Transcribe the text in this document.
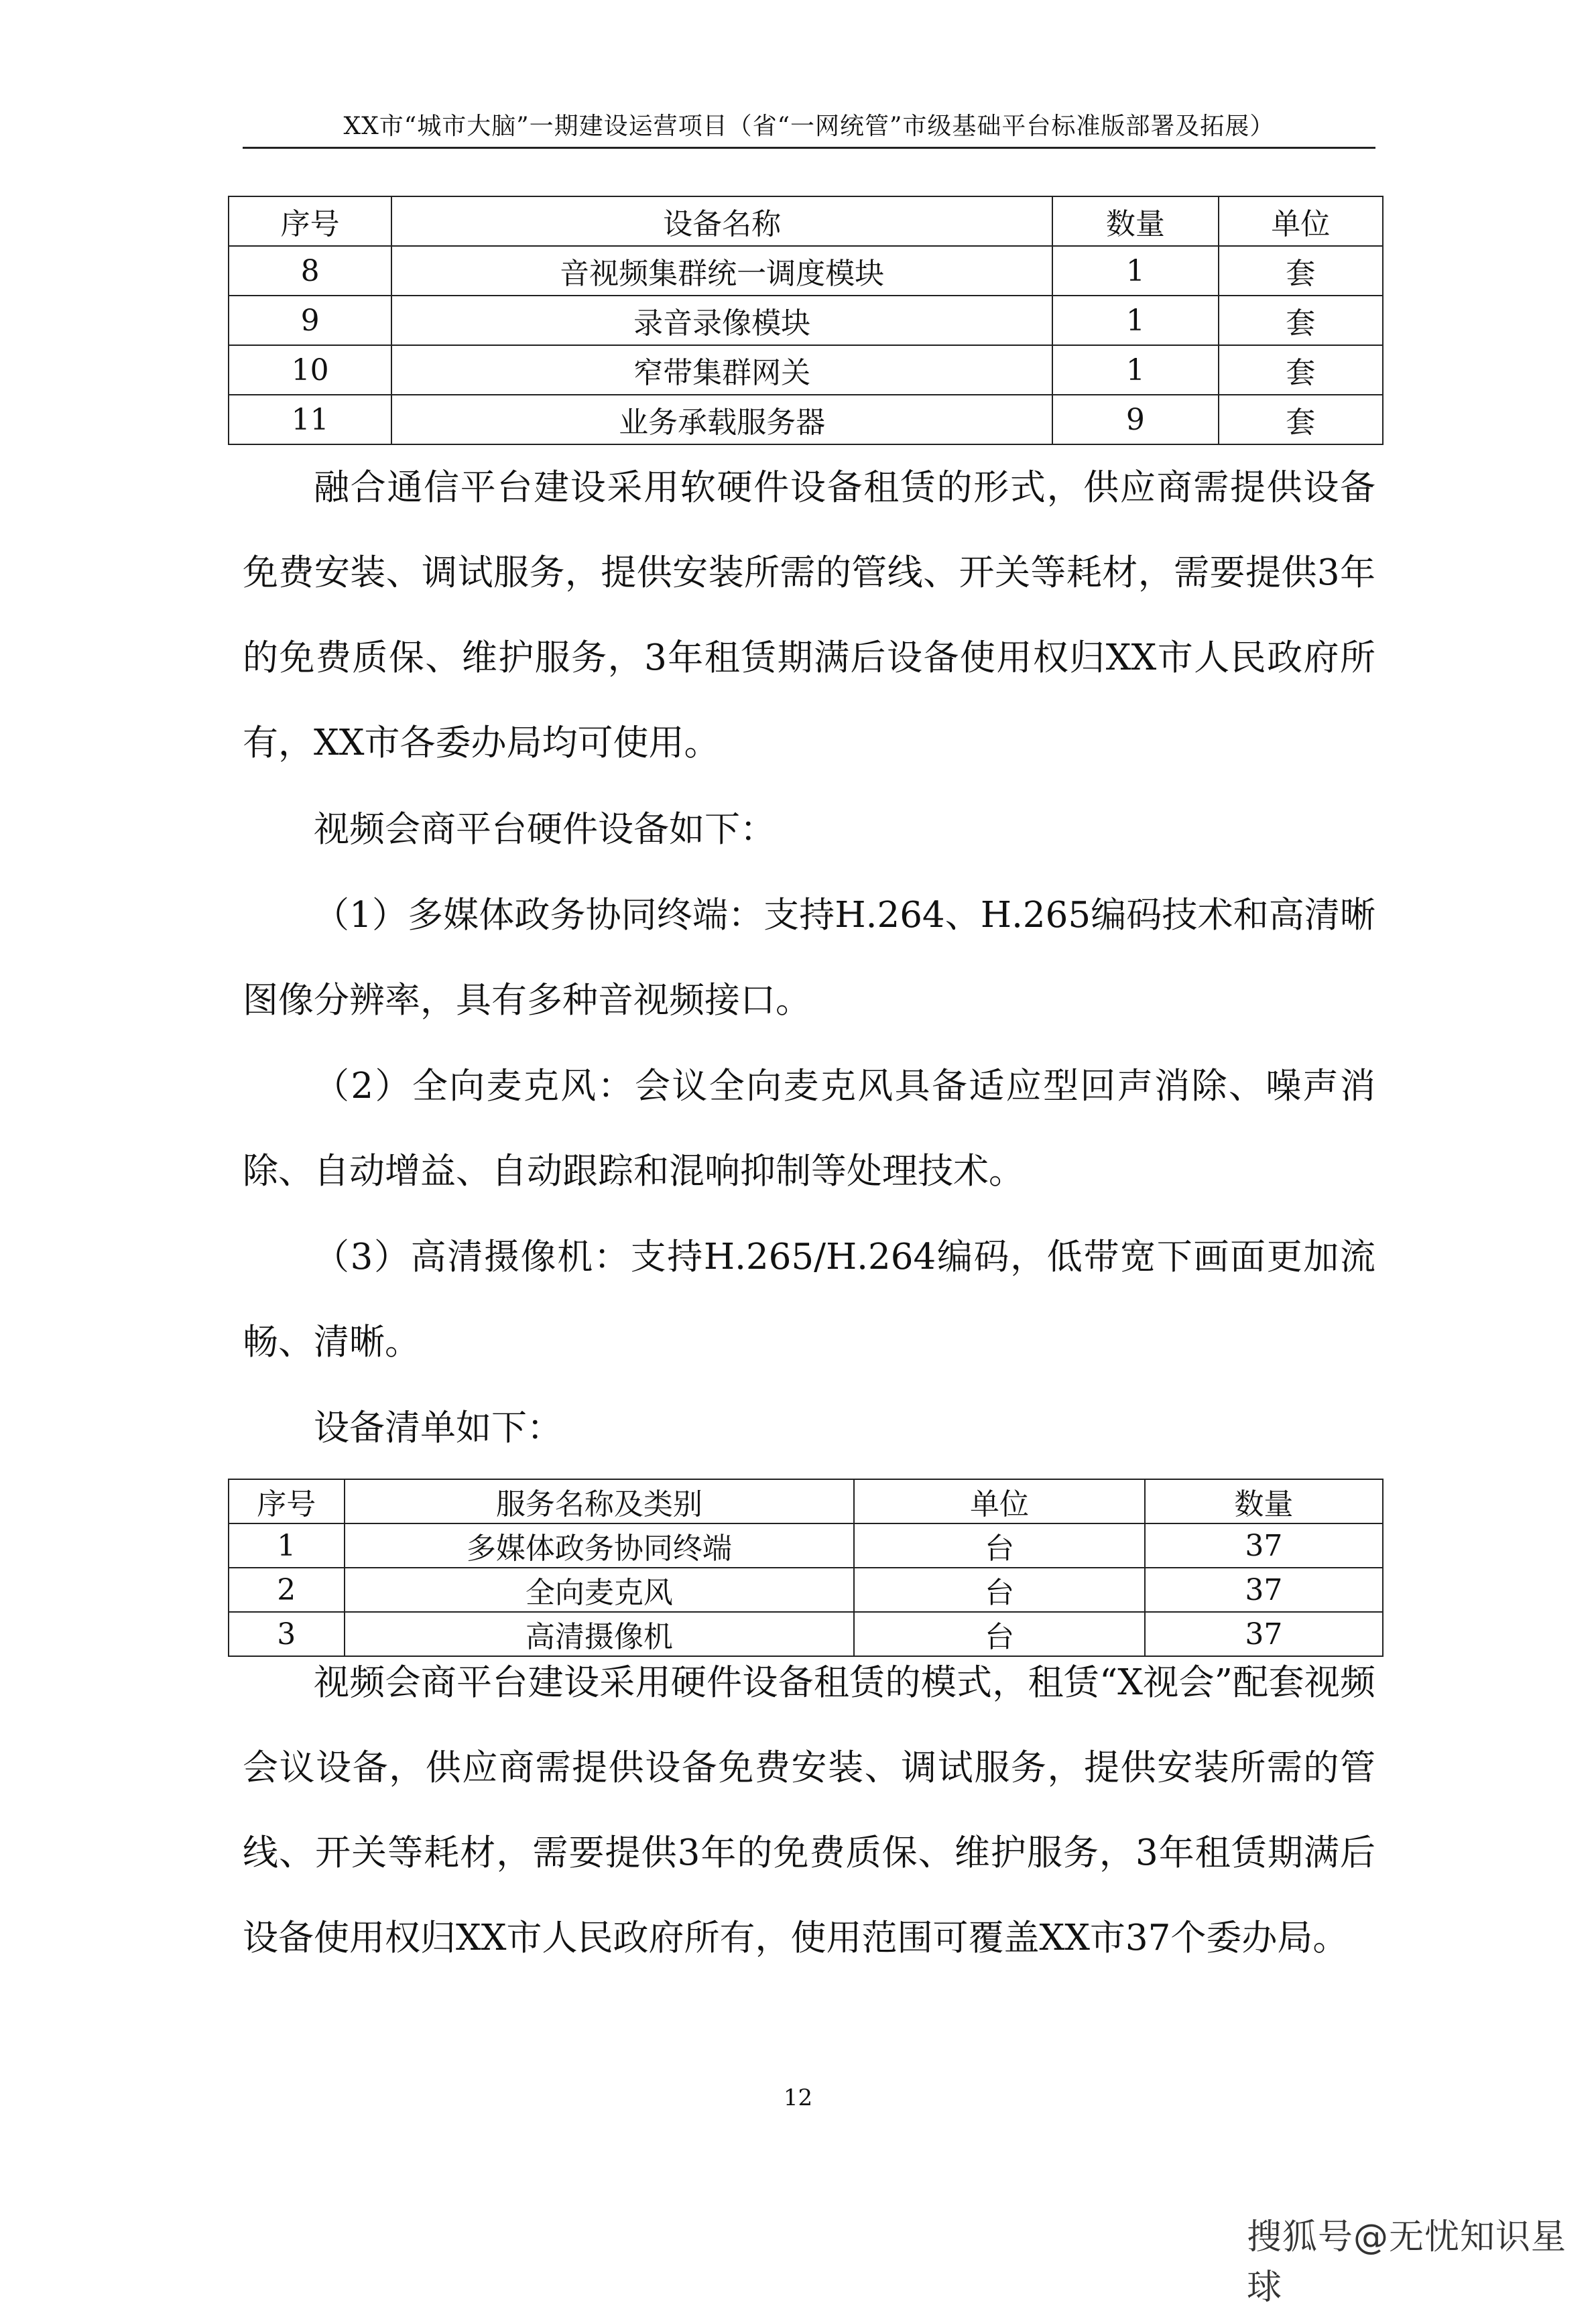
XX市“城市大脑”一期建设运营项目（省“一网统管”市级基础平台标准版部署及拓展）
序号	设备名称	数量	单位
8	音视频集群统一调度模块	1	套
9	录音录像模块	1	套
10	窄带集群网关	1	套
11	业务承载服务器	9	套

融合通信平台建设采用软硬件设备租赁的形式，供应商需提供设备免费安装、调试服务，提供安装所需的管线、开关等耗材，需要提供3年的免费质保、维护服务，3年租赁期满后设备使用权归XX市人民政府所有，XX市各委办局均可使用。

视频会商平台硬件设备如下：

（1）多媒体政务协同终端：支持H.264、H.265编码技术和高清晰图像分辨率，具有多种音视频接口。

（2）全向麦克风：会议全向麦克风具备适应型回声消除、噪声消除、自动增益、自动跟踪和混响抑制等处理技术。

（3）高清摄像机：支持H.265/H.264编码，低带宽下画面更加流畅、清晰。

设备清单如下：

序号	服务名称及类别	单位	数量
1	多媒体政务协同终端	台	37
2	全向麦克风	台	37
3	高清摄像机	台	37

视频会商平台建设采用硬件设备租赁的模式，租赁“X视会”配套视频会议设备，供应商需提供设备免费安装、调试服务，提供安装所需的管线、开关等耗材，需要提供3年的免费质保、维护服务，3年租赁期满后设备使用权归XX市人民政府所有，使用范围可覆盖XX市37个委办局。

12
搜狐号@无忧知识星球
